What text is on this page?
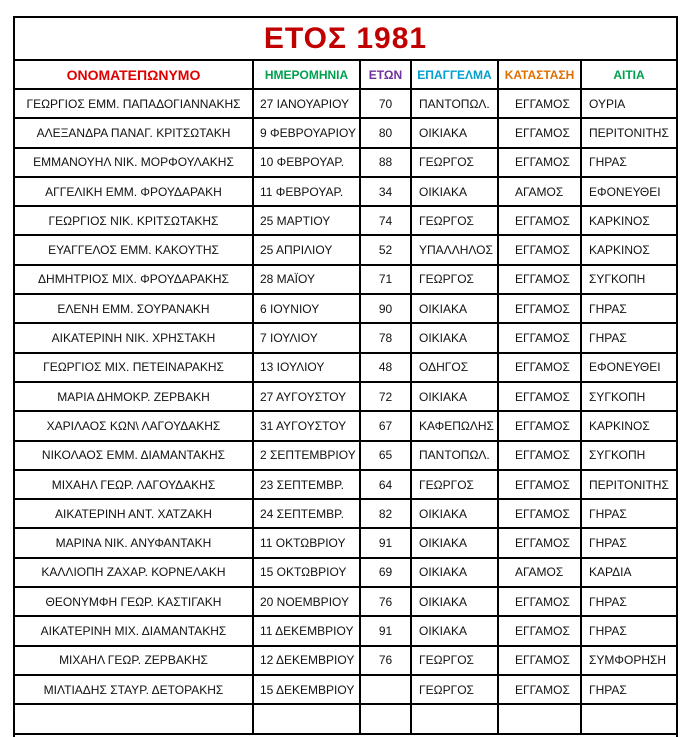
ΕΤΟΣ 1981
ΟΝΟΜΑΤΕΠΩΝΥΜΟ	ΗΜΕΡΟΜΗΝΙΑ	ΕΤΩΝ	ΕΠΑΓΓΕΛΜΑ	ΚΑΤΑΣΤΑΣΗ	ΑΙΤΙΑ
ΓΕΩΡΓΙΟΣ ΕΜΜ. ΠΑΠΑΔΟΓΙΑΝΝΑΚΗΣ	27 ΙΑΝΟΥΑΡΙΟΥ	70	ΠΑΝΤΟΠΩΛ.	ΕΓΓΑΜΟΣ	ΟΥΡΙΑ
ΑΛΕΞΑΝΔΡΑ ΠΑΝΑΓ. ΚΡΙΤΣΩΤΑΚΗ	9 ΦΕΒΡΟΥΑΡΙΟΥ	80	ΟΙΚΙΑΚΑ	ΕΓΓΑΜΟΣ	ΠΕΡΙΤΟΝΙΤΗΣ
ΕΜΜΑΝΟΥΗΛ ΝΙΚ. ΜΟΡΦΟΥΛΑΚΗΣ	10 ΦΕΒΡΟΥΑΡ.	88	ΓΕΩΡΓΟΣ	ΕΓΓΑΜΟΣ	ΓΗΡΑΣ
ΑΓΓΕΛΙΚΗ ΕΜΜ. ΦΡΟΥΔΑΡΑΚΗ	11 ΦΕΒΡΟΥΑΡ.	34	ΟΙΚΙΑΚΑ	ΑΓΑΜΟΣ	ΕΦΟΝΕΥΘΕΙ
ΓΕΩΡΓΙΟΣ ΝΙΚ. ΚΡΙΤΣΩΤΑΚΗΣ	25 ΜΑΡΤΙΟΥ	74	ΓΕΩΡΓΟΣ	ΕΓΓΑΜΟΣ	ΚΑΡΚΙΝΟΣ
ΕΥΑΓΓΕΛΟΣ ΕΜΜ. ΚΑΚΟΥΤΗΣ	25 ΑΠΡΙΛΙΟΥ	52	ΥΠΑΛΛΗΛΟΣ	ΕΓΓΑΜΟΣ	ΚΑΡΚΙΝΟΣ
ΔΗΜΗΤΡΙΟΣ ΜΙΧ. ΦΡΟΥΔΑΡΑΚΗΣ	28 ΜΑΪΟΥ	71	ΓΕΩΡΓΟΣ	ΕΓΓΑΜΟΣ	ΣΥΓΚΟΠΗ
ΕΛΕΝΗ ΕΜΜ. ΣΟΥΡΑΝΑΚΗ	6 ΙΟΥΝΙΟΥ	90	ΟΙΚΙΑΚΑ	ΕΓΓΑΜΟΣ	ΓΗΡΑΣ
ΑΙΚΑΤΕΡΙΝΗ ΝΙΚ. ΧΡΗΣΤΑΚΗ	7 ΙΟΥΛΙΟΥ	78	ΟΙΚΙΑΚΑ	ΕΓΓΑΜΟΣ	ΓΗΡΑΣ
ΓΕΩΡΓΙΟΣ ΜΙΧ. ΠΕΤΕΙΝΑΡΑΚΗΣ	13 ΙΟΥΛΙΟΥ	48	ΟΔΗΓΟΣ	ΕΓΓΑΜΟΣ	ΕΦΟΝΕΥΘΕΙ
ΜΑΡΙΑ ΔΗΜΟΚΡ. ΖΕΡΒΑΚΗ	27 ΑΥΓΟΥΣΤΟΥ	72	ΟΙΚΙΑΚΑ	ΕΓΓΑΜΟΣ	ΣΥΓΚΟΠΗ
ΧΑΡΙΛΑΟΣ ΚΩΝ\ ΛΑΓΟΥΔΑΚΗΣ	31 ΑΥΓΟΥΣΤΟΥ	67	ΚΑΦΕΠΩΛΗΣ	ΕΓΓΑΜΟΣ	ΚΑΡΚΙΝΟΣ
ΝΙΚΟΛΑΟΣ ΕΜΜ. ΔΙΑΜΑΝΤΑΚΗΣ	2 ΣΕΠΤΕΜΒΡΙΟΥ	65	ΠΑΝΤΟΠΩΛ.	ΕΓΓΑΜΟΣ	ΣΥΓΚΟΠΗ
ΜΙΧΑΗΛ ΓΕΩΡ. ΛΑΓΟΥΔΑΚΗΣ	23 ΣΕΠΤΕΜΒΡ.	64	ΓΕΩΡΓΟΣ	ΕΓΓΑΜΟΣ	ΠΕΡΙΤΟΝΙΤΗΣ
ΑΙΚΑΤΕΡΙΝΗ ΑΝΤ. ΧΑΤΖΑΚΗ	24 ΣΕΠΤΕΜΒΡ.	82	ΟΙΚΙΑΚΑ	ΕΓΓΑΜΟΣ	ΓΗΡΑΣ
ΜΑΡΙΝΑ ΝΙΚ. ΑΝΥΦΑΝΤΑΚΗ	11 ΟΚΤΩΒΡΙΟΥ	91	ΟΙΚΙΑΚΑ	ΕΓΓΑΜΟΣ	ΓΗΡΑΣ
ΚΑΛΛΙΟΠΗ ΖΑΧΑΡ. ΚΟΡΝΕΛΑΚΗ	15 ΟΚΤΩΒΡΙΟΥ	69	ΟΙΚΙΑΚΑ	ΑΓΑΜΟΣ	ΚΑΡΔΙΑ
ΘΕΟΝΥΜΦΗ ΓΕΩΡ. ΚΑΣΤΙΓΑΚΗ	20 ΝΟΕΜΒΡΙΟΥ	76	ΟΙΚΙΑΚΑ	ΕΓΓΑΜΟΣ	ΓΗΡΑΣ
ΑΙΚΑΤΕΡΙΝΗ ΜΙΧ. ΔΙΑΜΑΝΤΑΚΗΣ	11 ΔΕΚΕΜΒΡΙΟΥ	91	ΟΙΚΙΑΚΑ	ΕΓΓΑΜΟΣ	ΓΗΡΑΣ
ΜΙΧΑΗΛ ΓΕΩΡ. ΖΕΡΒΑΚΗΣ	12 ΔΕΚΕΜΒΡΙΟΥ	76	ΓΕΩΡΓΟΣ	ΕΓΓΑΜΟΣ	ΣΥΜΦΟΡΗΣΗ
ΜΙΛΤΙΑΔΗΣ ΣΤΑΥΡ. ΔΕΤΟΡΑΚΗΣ	15 ΔΕΚΕΜΒΡΙΟΥ		ΓΕΩΡΓΟΣ	ΕΓΓΑΜΟΣ	ΓΗΡΑΣ
